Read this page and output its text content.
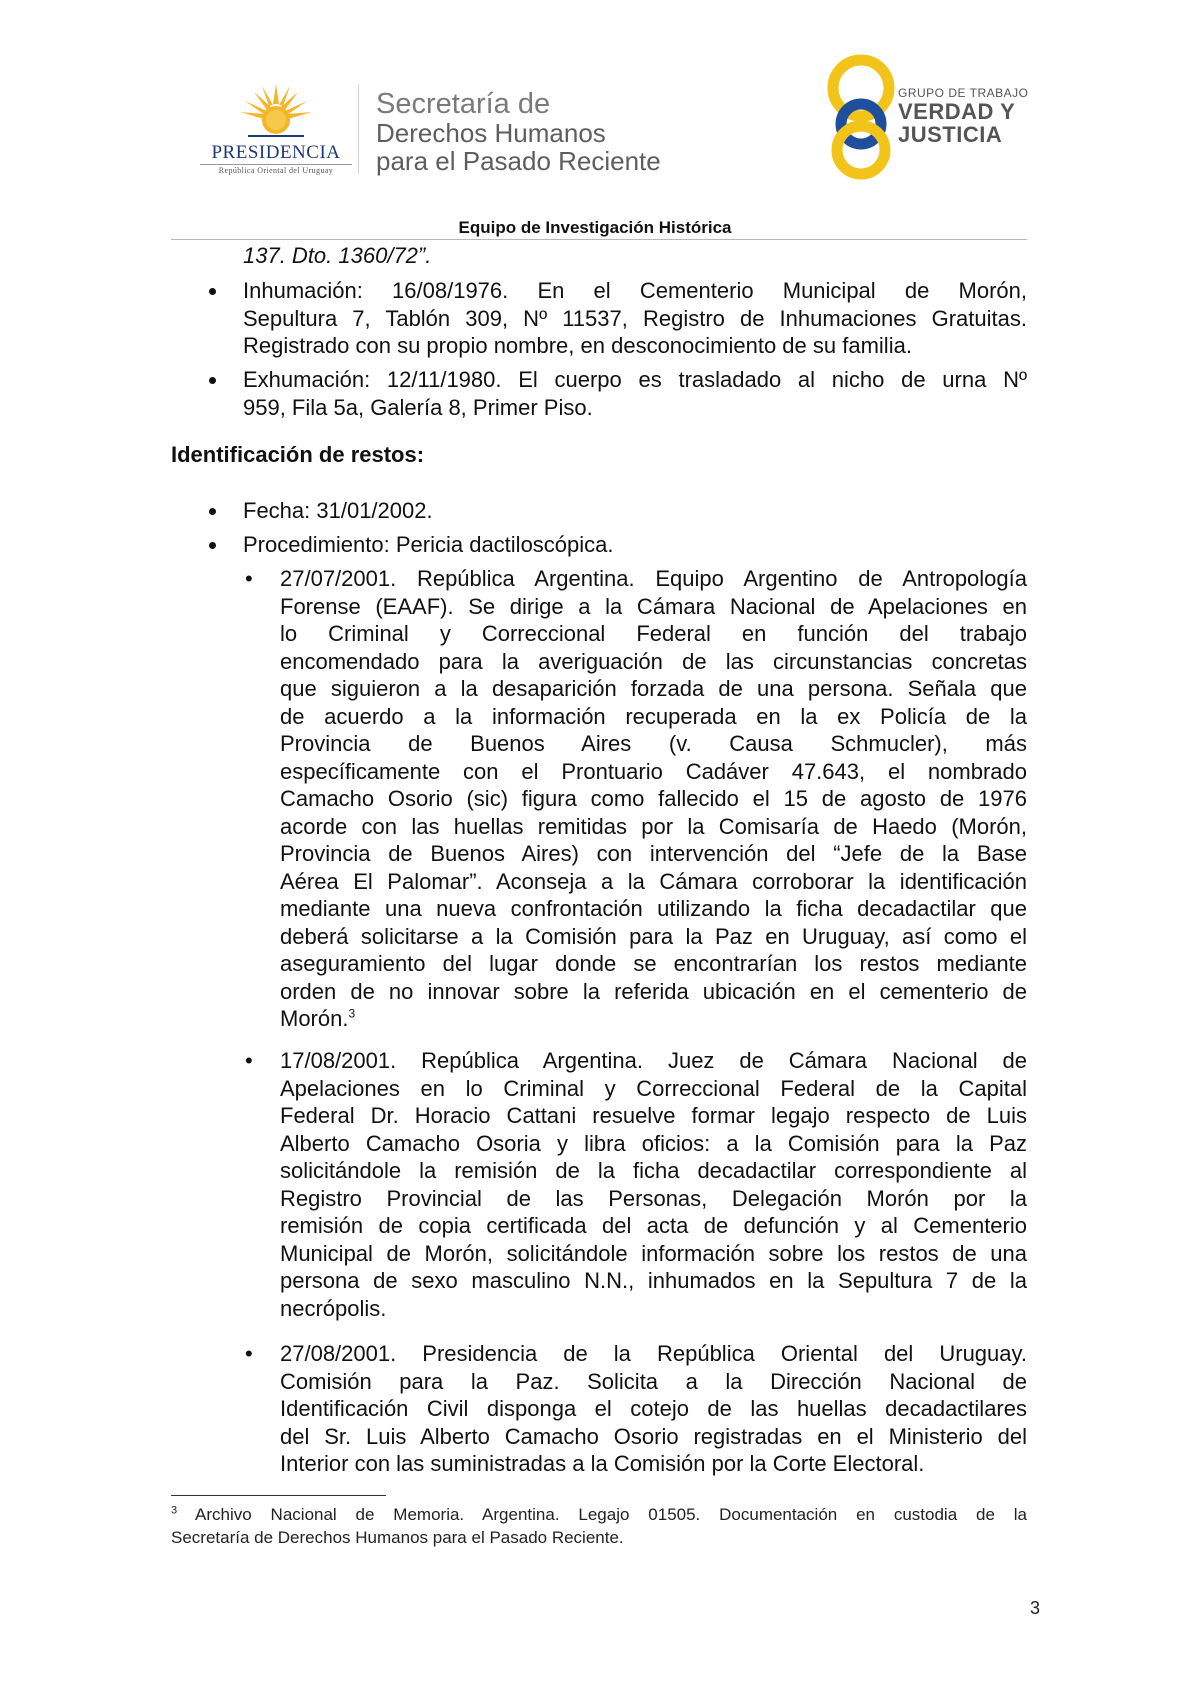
PRESIDENCIA
República Oriental del Uruguay
Secretaría de
Derechos Humanos
para el Pasado Reciente
GRUPO DE TRABAJO
VERDAD Y
JUSTICIA
Equipo de Investigación Histórica
137. Dto. 1360/72”.
Inhumación: 16/08/1976. En el Cementerio Municipal de Morón,
Sepultura 7, Tablón 309, Nº 11537, Registro de Inhumaciones Gratuitas.
Registrado con su propio nombre, en desconocimiento de su familia.
Exhumación: 12/11/1980. El cuerpo es trasladado al nicho de urna Nº
959, Fila 5a, Galería 8, Primer Piso.
Identificación de restos:
Fecha: 31/01/2002.
Procedimiento: Pericia dactiloscópica.
• 27/07/2001. República Argentina. Equipo Argentino de Antropología
Forense (EAAF). Se dirige a la Cámara Nacional de Apelaciones en
lo Criminal y Correccional Federal en función del trabajo
encomendado para la averiguación de las circunstancias concretas
que siguieron a la desaparición forzada de una persona. Señala que
de acuerdo a la información recuperada en la ex Policía de la
Provincia de Buenos Aires (v. Causa Schmucler), más
específicamente con el Prontuario Cadáver 47.643, el nombrado
Camacho Osorio (sic) figura como fallecido el 15 de agosto de 1976
acorde con las huellas remitidas por la Comisaría de Haedo (Morón,
Provincia de Buenos Aires) con intervención del “Jefe de la Base
Aérea El Palomar”. Aconseja a la Cámara corroborar la identificación
mediante una nueva confrontación utilizando la ficha decadactilar que
deberá solicitarse a la Comisión para la Paz en Uruguay, así como el
aseguramiento del lugar donde se encontrarían los restos mediante
orden de no innovar sobre la referida ubicación en el cementerio de
Morón.$^3$
• 17/08/2001. República Argentina. Juez de Cámara Nacional de
Apelaciones en lo Criminal y Correccional Federal de la Capital
Federal Dr. Horacio Cattani resuelve formar legajo respecto de Luis
Alberto Camacho Osoria y libra oficios: a la Comisión para la Paz
solicitándole la remisión de la ficha decadactilar correspondiente al
Registro Provincial de las Personas, Delegación Morón por la
remisión de copia certificada del acta de defunción y al Cementerio
Municipal de Morón, solicitándole información sobre los restos de una
persona de sexo masculino N.N., inhumados en la Sepultura 7 de la
necrópolis.
• 27/08/2001. Presidencia de la República Oriental del Uruguay.
Comisión para la Paz. Solicita a la Dirección Nacional de
Identificación Civil disponga el cotejo de las huellas decadactilares
del Sr. Luis Alberto Camacho Osorio registradas en el Ministerio del
Interior con las suministradas a la Comisión por la Corte Electoral.
$^3$ Archivo Nacional de Memoria. Argentina. Legajo 01505. Documentación en custodia de la
Secretaría de Derechos Humanos para el Pasado Reciente.
3
